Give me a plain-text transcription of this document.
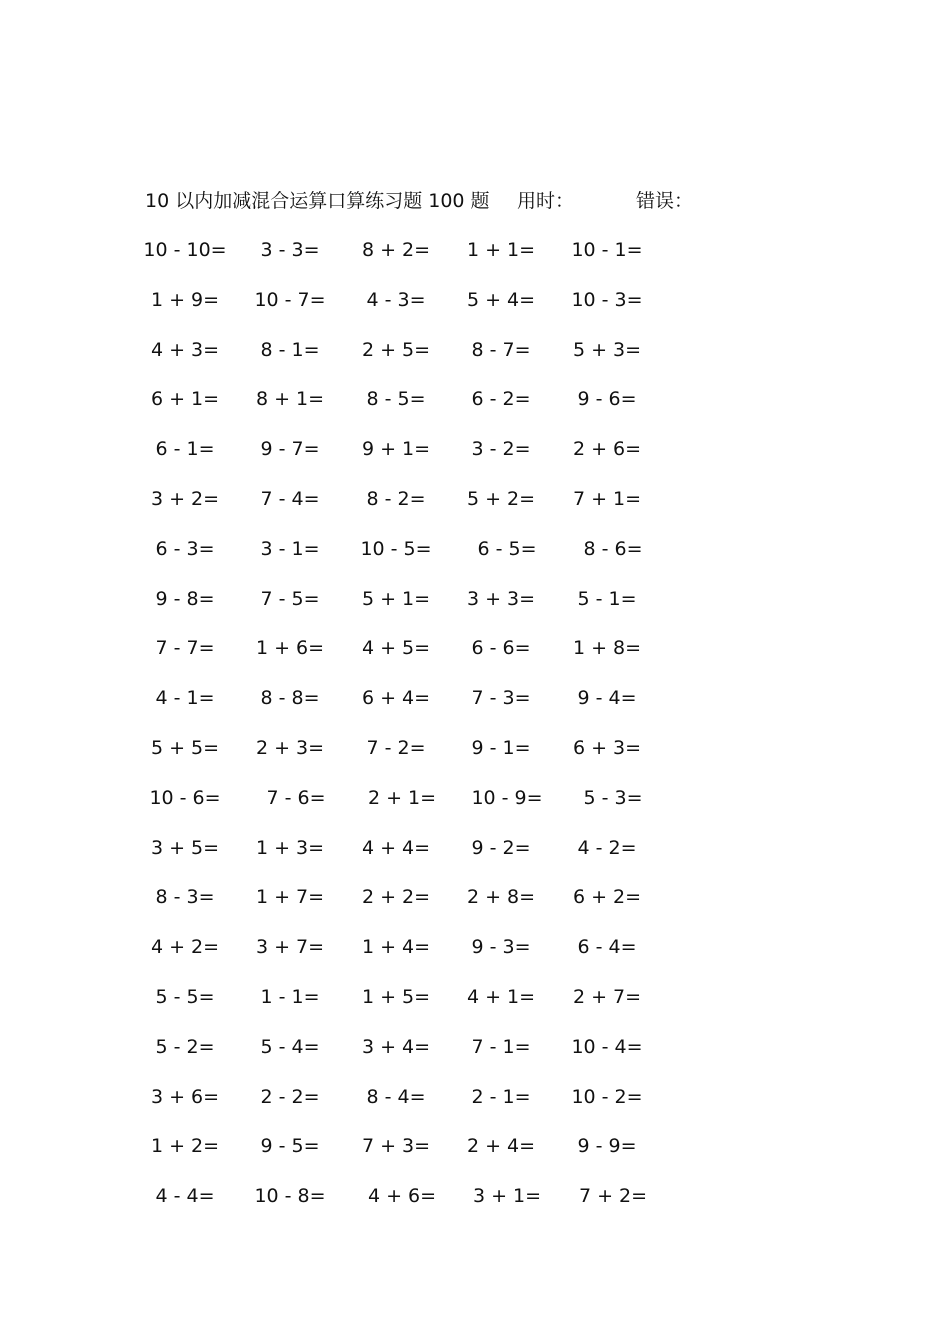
10 以内加减混合运算口算练习题 100 题 用时：	错误：
10 - 10=	3 - 3=	8 + 2=	1 + 1=	10 - 1=
1 + 9=	10 - 7=	4 - 3=	5 + 4=	10 - 3=
4 + 3=	8 - 1=	2 + 5=	8 - 7=	5 + 3=
6 + 1=	8 + 1=	8 - 5=	6 - 2=	9 - 6=
6 - 1=	9 - 7=	9 + 1=	3 - 2=	2 + 6=
3 + 2=	7 - 4=	8 - 2=	5 + 2=	7 + 1=
6 - 3=	3 - 1=	10 - 5=	6 - 5=	8 - 6=
9 - 8=	7 - 5=	5 + 1=	3 + 3=	5 - 1=
7 - 7=	1 + 6=	4 + 5=	6 - 6=	1 + 8=
4 - 1=	8 - 8=	6 + 4=	7 - 3=	9 - 4=
5 + 5=	2 + 3=	7 - 2=	9 - 1=	6 + 3=
10 - 6=	7 - 6=	2 + 1=	10 - 9=	5 - 3=
3 + 5=	1 + 3=	4 + 4=	9 - 2=	4 - 2=
8 - 3=	1 + 7=	2 + 2=	2 + 8=	6 + 2=
4 + 2=	3 + 7=	1 + 4=	9 - 3=	6 - 4=
5 - 5=	1 - 1=	1 + 5=	4 + 1=	2 + 7=
5 - 2=	5 - 4=	3 + 4=	7 - 1=	10 - 4=
3 + 6=	2 - 2=	8 - 4=	2 - 1=	10 - 2=
1 + 2=	9 - 5=	7 + 3=	2 + 4=	9 - 9=
4 - 4=	10 - 8=	4 + 6=	3 + 1=	7 + 2=
